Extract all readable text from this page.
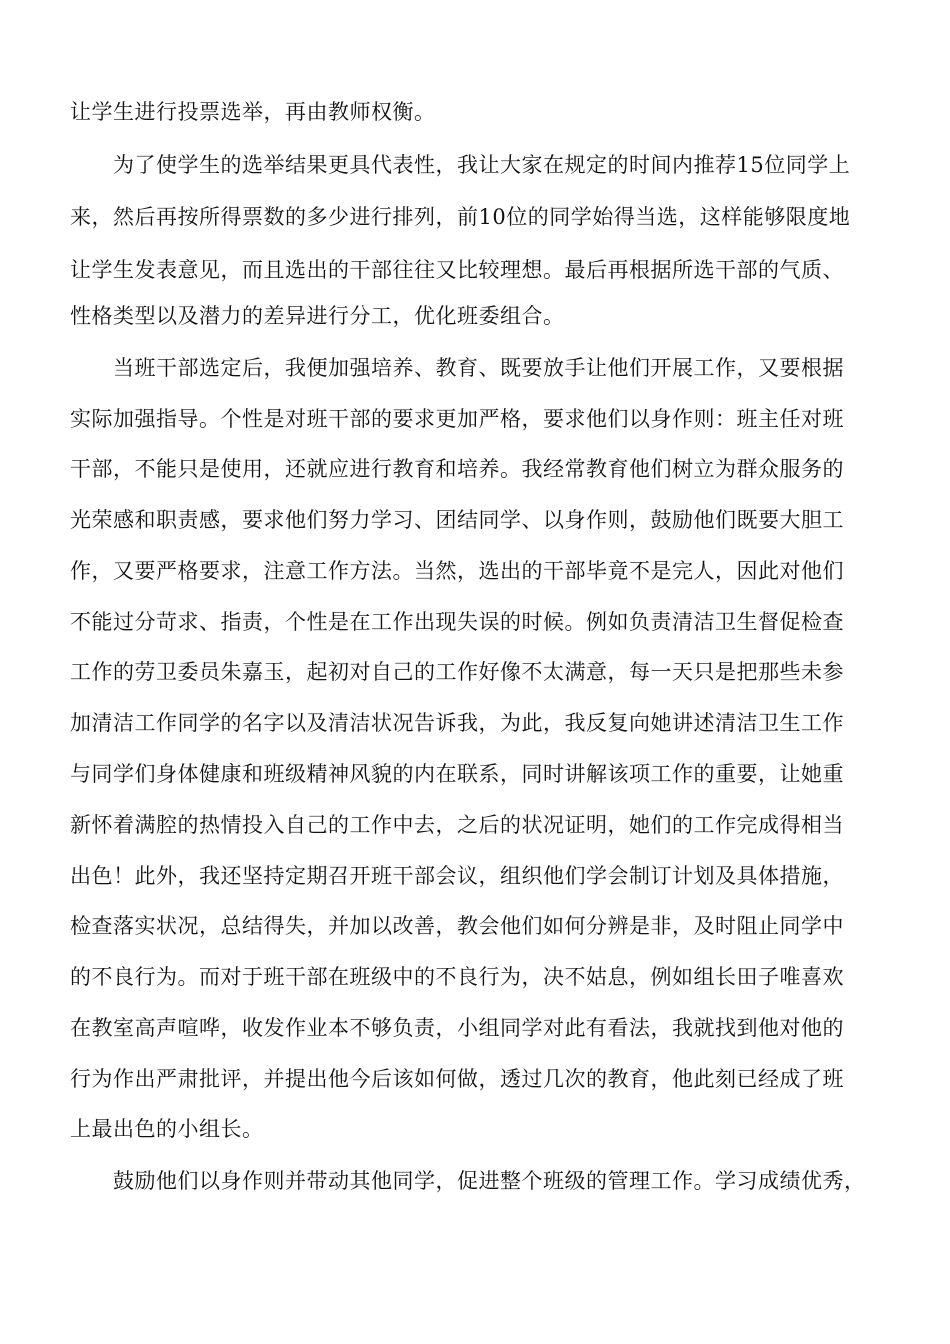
让学生进行投票选举，再由教师权衡。
为了使学生的选举结果更具代表性，我让大家在规定的时间内推荐15位同学上
来，然后再按所得票数的多少进行排列，前10位的同学始得当选，这样能够限度地
让学生发表意见，而且选出的干部往往又比较理想。最后再根据所选干部的气质、
性格类型以及潜力的差异进行分工，优化班委组合。
当班干部选定后，我便加强培养、教育、既要放手让他们开展工作，又要根据
实际加强指导。个性是对班干部的要求更加严格，要求他们以身作则：班主任对班
干部，不能只是使用，还就应进行教育和培养。我经常教育他们树立为群众服务的
光荣感和职责感，要求他们努力学习、团结同学、以身作则，鼓励他们既要大胆工
作，又要严格要求，注意工作方法。当然，选出的干部毕竟不是完人，因此对他们
不能过分苛求、指责，个性是在工作出现失误的时候。例如负责清洁卫生督促检查
工作的劳卫委员朱嘉玉，起初对自己的工作好像不太满意，每一天只是把那些未参
加清洁工作同学的名字以及清洁状况告诉我，为此，我反复向她讲述清洁卫生工作
与同学们身体健康和班级精神风貌的内在联系，同时讲解该项工作的重要，让她重
新怀着满腔的热情投入自己的工作中去，之后的状况证明，她们的工作完成得相当
出色！此外，我还坚持定期召开班干部会议，组织他们学会制订计划及具体措施，
检查落实状况，总结得失，并加以改善，教会他们如何分辨是非，及时阻止同学中
的不良行为。而对于班干部在班级中的不良行为，决不姑息，例如组长田子唯喜欢
在教室高声喧哗，收发作业本不够负责，小组同学对此有看法，我就找到他对他的
行为作出严肃批评，并提出他今后该如何做，透过几次的教育，他此刻已经成了班
上最出色的小组长。
鼓励他们以身作则并带动其他同学，促进整个班级的管理工作。学习成绩优秀，
